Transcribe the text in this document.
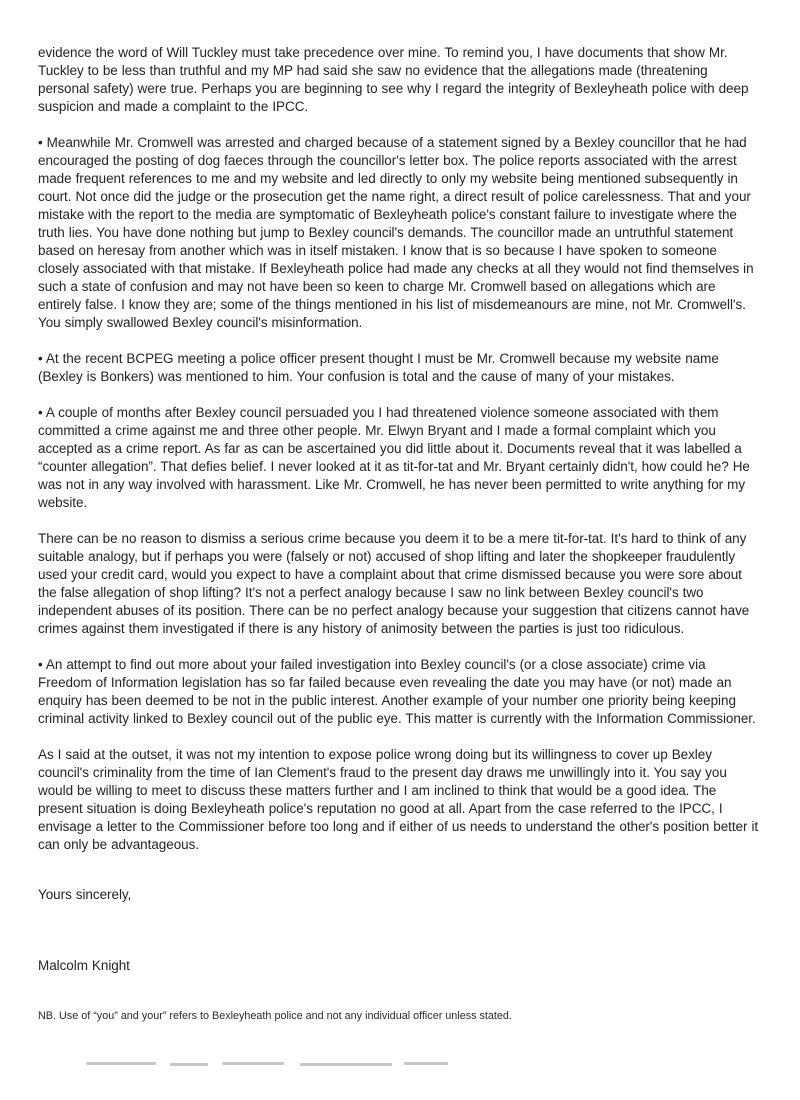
evidence the word of Will Tuckley must take precedence over mine. To remind you, I have documents that show Mr. Tuckley to be less than truthful and my MP had said she saw no evidence that the allegations made (threatening personal safety) were true. Perhaps you are beginning to see why I regard the integrity of Bexleyheath police with deep suspicion and made a complaint to the IPCC.

• Meanwhile Mr. Cromwell was arrested and charged because of a statement signed by a Bexley councillor that he had encouraged the posting of dog faeces through the councillor's letter box. The police reports associated with the arrest made frequent references to me and my website and led directly to only my website being mentioned subsequently in court. Not once did the judge or the prosecution get the name right, a direct result of police carelessness. That and your mistake with the report to the media are symptomatic of Bexleyheath police's constant failure to investigate where the truth lies. You have done nothing but jump to Bexley council's demands. The councillor made an untruthful statement based on heresay from another which was in itself mistaken. I know that is so because I have spoken to someone closely associated with that mistake. If Bexleyheath police had made any checks at all they would not find themselves in such a state of confusion and may not have been so keen to charge Mr. Cromwell based on allegations which are entirely false. I know they are; some of the things mentioned in his list of misdemeanours are mine, not Mr. Cromwell's. You simply swallowed Bexley council's misinformation.

• At the recent BCPEG meeting a police officer present thought I must be Mr. Cromwell because my website name (Bexley is Bonkers) was mentioned to him. Your confusion is total and the cause of many of your mistakes.

• A couple of months after Bexley council persuaded you I had threatened violence someone associated with them committed a crime against me and three other people. Mr. Elwyn Bryant and I made a formal complaint which you accepted as a crime report. As far as can be ascertained you did little about it. Documents reveal that it was labelled a “counter allegation”. That defies belief. I never looked at it as tit-for-tat and Mr. Bryant certainly didn't, how could he? He was not in any way involved with harassment. Like Mr. Cromwell, he has never been permitted to write anything for my website.

There can be no reason to dismiss a serious crime because you deem it to be a mere tit-for-tat. It's hard to think of any suitable analogy, but if perhaps you were (falsely or not) accused of shop lifting and later the shopkeeper fraudulently used your credit card, would you expect to have a complaint about that crime dismissed because you were sore about the false allegation of shop lifting? It's not a perfect analogy because I saw no link between Bexley council's two independent abuses of its position. There can be no perfect analogy because your suggestion that citizens cannot have crimes against them investigated if there is any history of animosity between the parties is just too ridiculous.

• An attempt to find out more about your failed investigation into Bexley council's (or a close associate) crime via Freedom of Information legislation has so far failed because even revealing the date you may have (or not) made an enquiry has been deemed to be not in the public interest. Another example of your number one priority being keeping criminal activity linked to Bexley council out of the public eye. This matter is currently with the Information Commissioner.

As I said at the outset, it was not my intention to expose police wrong doing but its willingness to cover up Bexley council's criminality from the time of Ian Clement's fraud to the present day draws me unwillingly into it. You say you would be willing to meet to discuss these matters further and I am inclined to think that would be a good idea. The present situation is doing Bexleyheath police's reputation no good at all. Apart from the case referred to the IPCC, I envisage a letter to the Commissioner before too long and if either of us needs to understand the other's position better it can only be advantageous.

Yours sincerely,

Malcolm Knight

NB. Use of “you” and your” refers to Bexleyheath police and not any individual officer unless stated.
